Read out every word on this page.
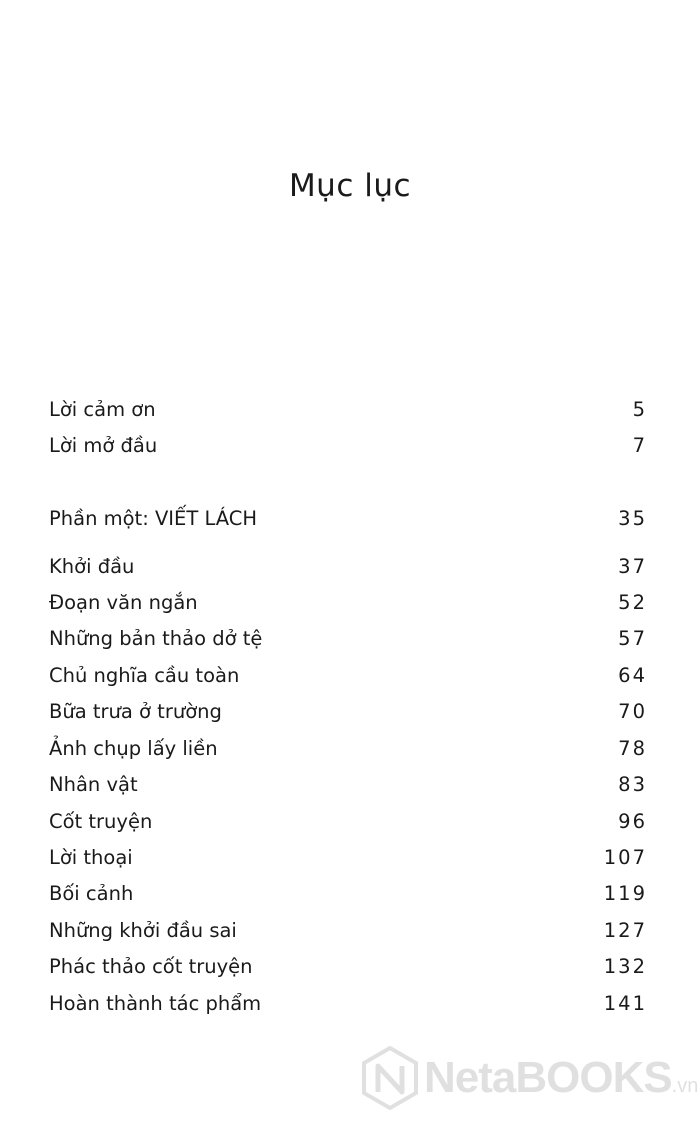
Mục lục
Lời cảm ơn	5
Lời mở đầu	7
Phần một: VIẾT LÁCH	35
Khởi đầu	37
Đoạn văn ngắn	52
Những bản thảo dở tệ	57
Chủ nghĩa cầu toàn	64
Bữa trưa ở trường	70
Ảnh chụp lấy liền	78
Nhân vật	83
Cốt truyện	96
Lời thoại	107
Bối cảnh	119
Những khởi đầu sai	127
Phác thảo cốt truyện	132
Hoàn thành tác phẩm	141
NetaBOOKS .vn
